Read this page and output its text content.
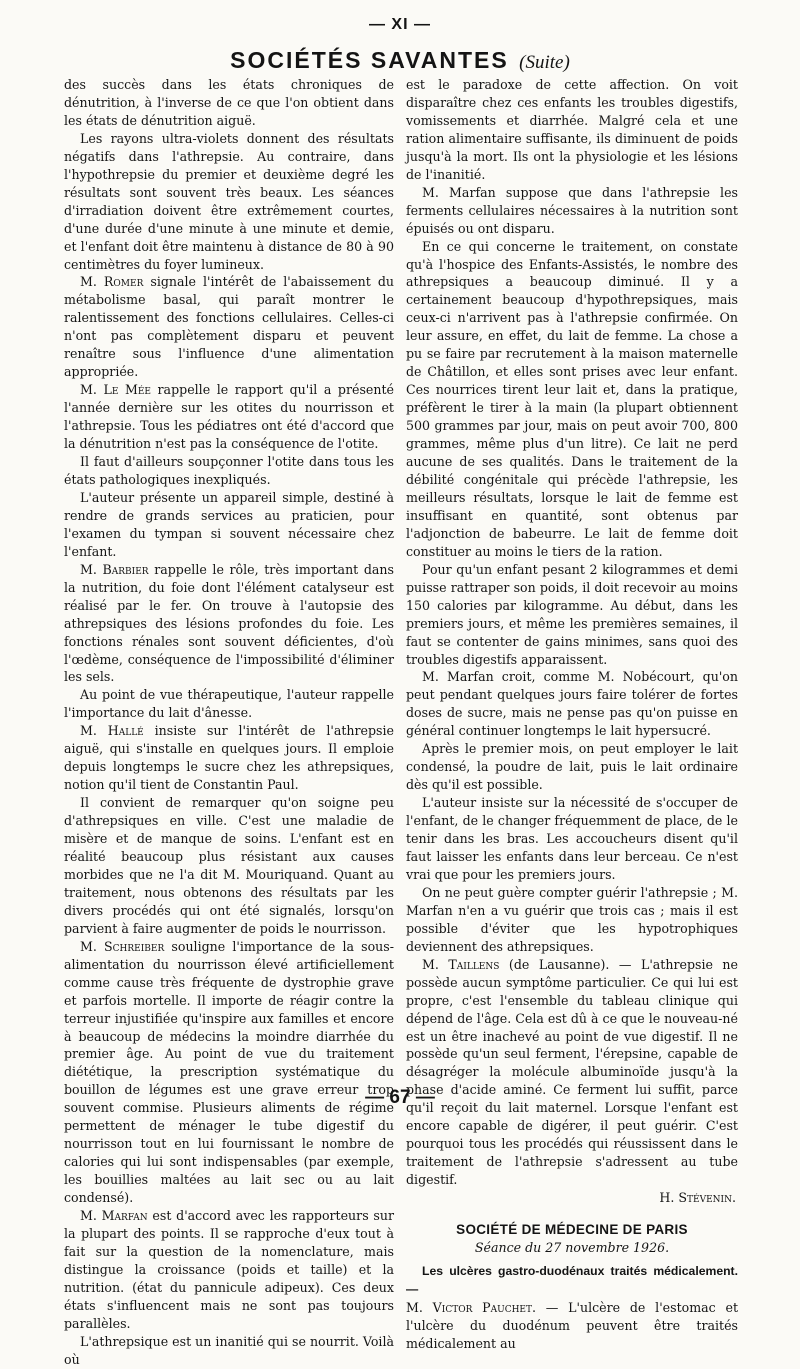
— XI —
SOCIÉTÉS SAVANTES (Suite)

des succès dans les états chroniques de dénutrition, à l'inverse de ce que l'on obtient dans les états de dénutrition aiguë.

Les rayons ultra-violets donnent des résultats négatifs dans l'athrepsie. Au contraire, dans l'hypothrepsie du premier et deuxième degré les résultats sont souvent très beaux. Les séances d'irradiation doivent être extrêmement courtes, d'une durée d'une minute à une minute et demie, et l'enfant doit être maintenu à distance de 80 à 90 centimètres du foyer lumineux.

M. Romer signale l'intérêt de l'abaissement du métabolisme basal, qui paraît montrer le ralentissement des fonctions cellulaires. Celles-ci n'ont pas complètement disparu et peuvent renaître sous l'influence d'une alimentation appropriée.

M. Le Mée rappelle le rapport qu'il a présenté l'année dernière sur les otites du nourrisson et l'athrepsie. Tous les pédiatres ont été d'accord que la dénutrition n'est pas la conséquence de l'otite.

Il faut d'ailleurs soupçonner l'otite dans tous les états pathologiques inexpliqués.

L'auteur présente un appareil simple, destiné à rendre de grands services au praticien, pour l'examen du tympan si souvent nécessaire chez l'enfant.

M. Barbier rappelle le rôle, très important dans la nutrition, du foie dont l'élément catalyseur est réalisé par le fer. On trouve à l'autopsie des athrepsiques des lésions profondes du foie. Les fonctions rénales sont souvent déficientes, d'où l'œdème, conséquence de l'impossibilité d'éliminer les sels.

Au point de vue thérapeutique, l'auteur rappelle l'importance du lait d'ânesse.

M. Hallé insiste sur l'intérêt de l'athrepsie aiguë, qui s'installe en quelques jours. Il emploie depuis longtemps le sucre chez les athrepsiques, notion qu'il tient de Constantin Paul.

Il convient de remarquer qu'on soigne peu d'athrepsiques en ville. C'est une maladie de misère et de manque de soins. L'enfant est en réalité beaucoup plus résistant aux causes morbides que ne l'a dit M. Mouriquand. Quant au traitement, nous obtenons des résultats par les divers procédés qui ont été signalés, lorsqu'on parvient à faire augmenter de poids le nourrisson.

M. Schreiber souligne l'importance de la sous-alimentation du nourrisson élevé artificiellement comme cause très fréquente de dystrophie grave et parfois mortelle. Il importe de réagir contre la terreur injustifiée qu'inspire aux familles et encore à beaucoup de médecins la moindre diarrhée du premier âge. Au point de vue du traitement diététique, la prescription systématique du bouillon de légumes est une grave erreur trop souvent commise. Plusieurs aliments de régime permettent de ménager le tube digestif du nourrisson tout en lui fournissant le nombre de calories qui lui sont indispensables (par exemple, les bouillies maltées au lait sec ou au lait condensé).

M. Marfan est d'accord avec les rapporteurs sur la plupart des points. Il se rapproche d'eux tout à fait sur la question de la nomenclature, mais distingue la croissance (poids et taille) et la nutrition. (état du pannicule adipeux). Ces deux états s'influencent mais ne sont pas toujours parallèles.

L'athrepsique est un inanitié qui se nourrit. Voilà où

est le paradoxe de cette affection. On voit disparaître chez ces enfants les troubles digestifs, vomissements et diarrhée. Malgré cela et une ration alimentaire suffisante, ils diminuent de poids jusqu'à la mort. Ils ont la physiologie et les lésions de l'inanitié.

M. Marfan suppose que dans l'athrepsie les ferments cellulaires nécessaires à la nutrition sont épuisés ou ont disparu.

En ce qui concerne le traitement, on constate qu'à l'hospice des Enfants-Assistés, le nombre des athrepsiques a beaucoup diminué. Il y a certainement beaucoup d'hypothrepsiques, mais ceux-ci n'arrivent pas à l'athrepsie confirmée. On leur assure, en effet, du lait de femme. La chose a pu se faire par recrutement à la maison maternelle de Châtillon, et elles sont prises avec leur enfant. Ces nourrices tirent leur lait et, dans la pratique, préfèrent le tirer à la main (la plupart obtiennent 500 grammes par jour, mais on peut avoir 700, 800 grammes, même plus d'un litre). Ce lait ne perd aucune de ses qualités. Dans le traitement de la débilité congénitale qui précède l'athrepsie, les meilleurs résultats, lorsque le lait de femme est insuffisant en quantité, sont obtenus par l'adjonction de babeurre. Le lait de femme doit constituer au moins le tiers de la ration.

Pour qu'un enfant pesant 2 kilogrammes et demi puisse rattraper son poids, il doit recevoir au moins 150 calories par kilogramme. Au début, dans les premiers jours, et même les premières semaines, il faut se contenter de gains minimes, sans quoi des troubles digestifs apparaissent.

M. Marfan croit, comme M. Nobécourt, qu'on peut pendant quelques jours faire tolérer de fortes doses de sucre, mais ne pense pas qu'on puisse en général continuer longtemps le lait hypersucré.

Après le premier mois, on peut employer le lait condensé, la poudre de lait, puis le lait ordinaire dès qu'il est possible.

L'auteur insiste sur la nécessité de s'occuper de l'enfant, de le changer fréquemment de place, de le tenir dans les bras. Les accoucheurs disent qu'il faut laisser les enfants dans leur berceau. Ce n'est vrai que pour les premiers jours.

On ne peut guère compter guérir l'athrepsie ; M. Marfan n'en a vu guérir que trois cas ; mais il est possible d'éviter que les hypotrophiques deviennent des athrepsiques.

M. Taillens (de Lausanne). — L'athrepsie ne possède aucun symptôme particulier. Ce qui lui est propre, c'est l'ensemble du tableau clinique qui dépend de l'âge. Cela est dû à ce que le nouveau-né est un être inachevé au point de vue digestif. Il ne possède qu'un seul ferment, l'érepsine, capable de désagréger la molécule albuminoïde jusqu'à la phase d'acide aminé. Ce ferment lui suffit, parce qu'il reçoit du lait maternel. Lorsque l'enfant est encore capable de digérer, il peut guérir. C'est pourquoi tous les procédés qui réussissent dans le traitement de l'athrepsie s'adressent au tube digestif.

H. Stévenin.

SOCIÉTÉ DE MÉDECINE DE PARIS

Séance du 27 novembre 1926.

Les ulcères gastro-duodénaux traités médicalement. —

M. Victor Pauchet. — L'ulcère de l'estomac et l'ulcère du duodénum peuvent être traités médicalement au

— 67 —
